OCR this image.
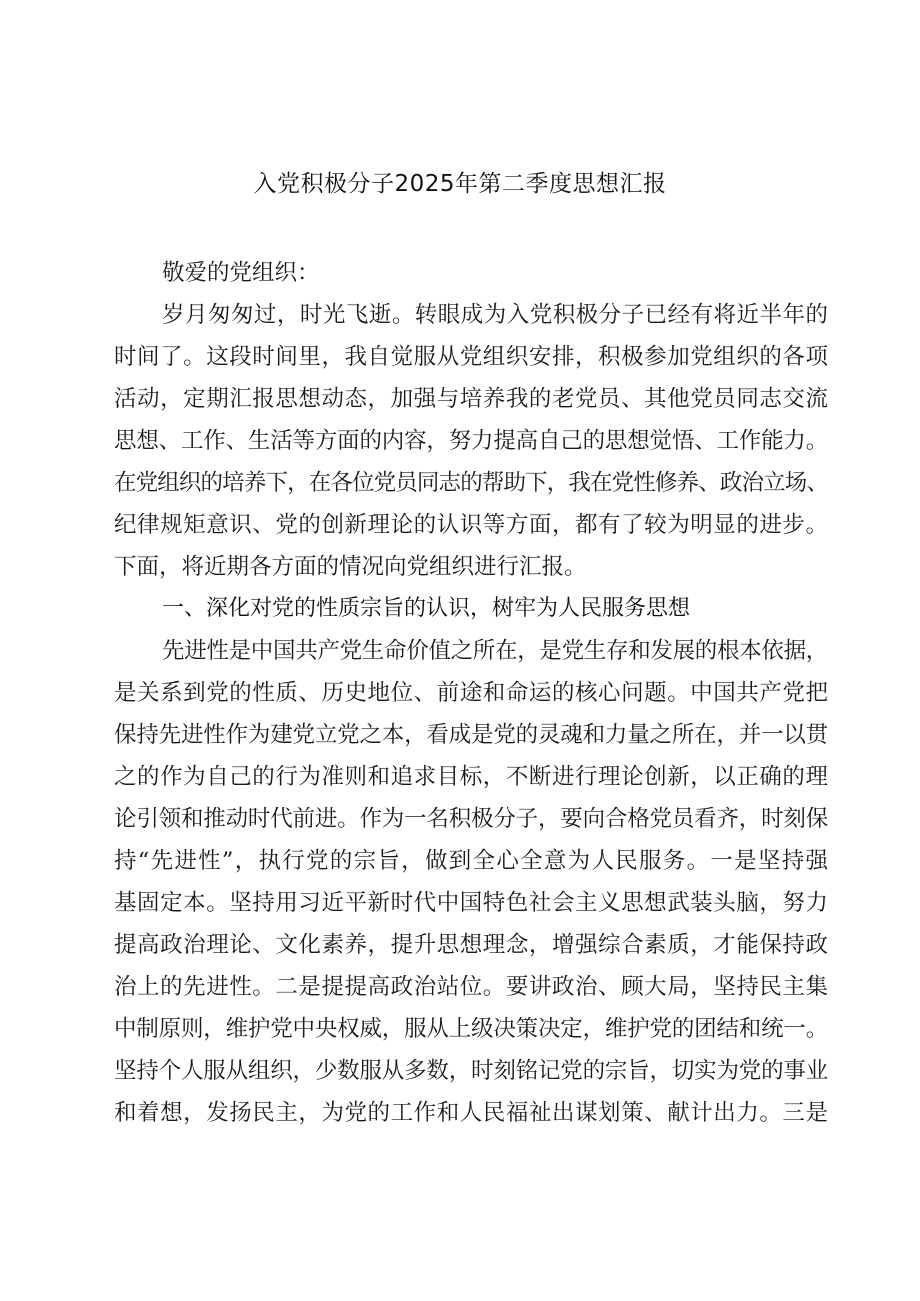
入党积极分子2025年第二季度思想汇报
敬爱的党组织：
岁月匆匆过，时光飞逝。转眼成为入党积极分子已经有将近半年的
时间了。这段时间里，我自觉服从党组织安排，积极参加党组织的各项
活动，定期汇报思想动态，加强与培养我的老党员、其他党员同志交流
思想、工作、生活等方面的内容，努力提高自己的思想觉悟、工作能力。
在党组织的培养下，在各位党员同志的帮助下，我在党性修养、政治立场、
纪律规矩意识、党的创新理论的认识等方面，都有了较为明显的进步。
下面，将近期各方面的情况向党组织进行汇报。
一、深化对党的性质宗旨的认识，树牢为人民服务思想
先进性是中国共产党生命价值之所在，是党生存和发展的根本依据，
是关系到党的性质、历史地位、前途和命运的核心问题。中国共产党把
保持先进性作为建党立党之本，看成是党的灵魂和力量之所在，并一以贯
之的作为自己的行为准则和追求目标，不断进行理论创新，以正确的理
论引领和推动时代前进。作为一名积极分子，要向合格党员看齐，时刻保
持“先进性”，执行党的宗旨，做到全心全意为人民服务。一是坚持强
基固定本。坚持用习近平新时代中国特色社会主义思想武装头脑，努力
提高政治理论、文化素养，提升思想理念，增强综合素质，才能保持政
治上的先进性。二是提提高政治站位。要讲政治、顾大局，坚持民主集
中制原则，维护党中央权威，服从上级决策决定，维护党的团结和统一。
坚持个人服从组织，少数服从多数，时刻铭记党的宗旨，切实为党的事业
和着想，发扬民主，为党的工作和人民福祉出谋划策、献计出力。三是
